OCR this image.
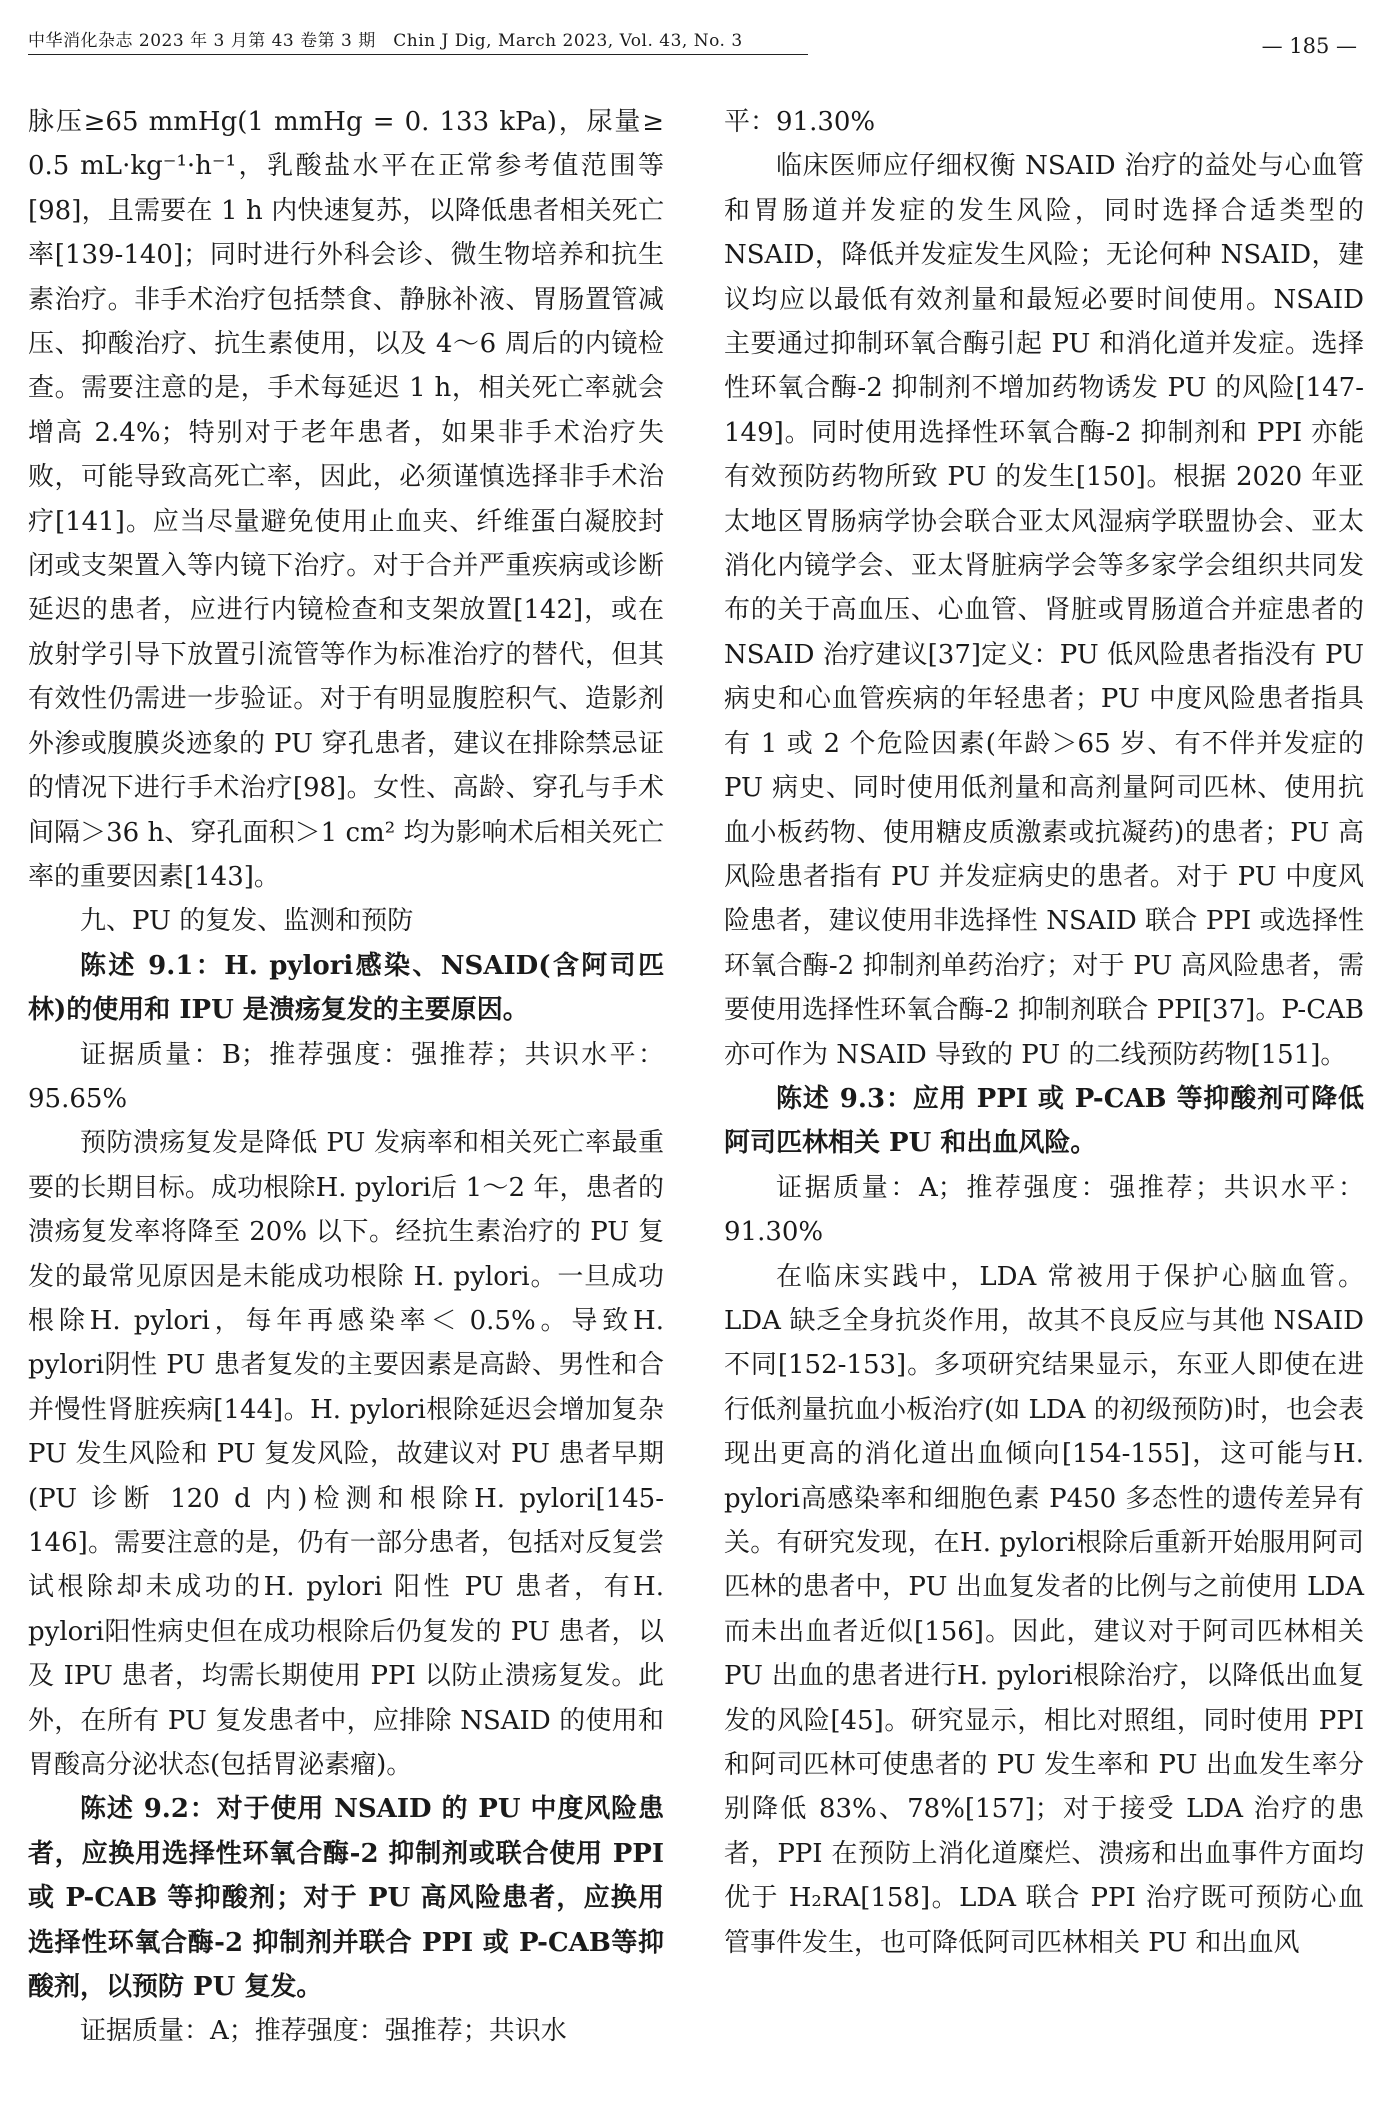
中华消化杂志 2023 年 3 月第 43 卷第 3 期　Chin J Dig, March 2023, Vol. 43, No. 3	— 185 —

脉压≥65 mmHg(1 mmHg = 0. 133 kPa)，尿量≥ 0.5 mL·kg⁻¹·h⁻¹，乳酸盐水平在正常参考值范围等[98]，且需要在 1 h 内快速复苏，以降低患者相关死亡率[139-140]；同时进行外科会诊、微生物培养和抗生素治疗。非手术治疗包括禁食、静脉补液、胃肠置管减压、抑酸治疗、抗生素使用，以及 4～6 周后的内镜检查。需要注意的是，手术每延迟 1 h，相关死亡率就会增高 2.4%；特别对于老年患者，如果非手术治疗失败，可能导致高死亡率，因此，必须谨慎选择非手术治疗[141]。应当尽量避免使用止血夹、纤维蛋白凝胶封闭或支架置入等内镜下治疗。对于合并严重疾病或诊断延迟的患者，应进行内镜检查和支架放置[142]，或在放射学引导下放置引流管等作为标准治疗的替代，但其有效性仍需进一步验证。对于有明显腹腔积气、造影剂外渗或腹膜炎迹象的 PU 穿孔患者，建议在排除禁忌证的情况下进行手术治疗[98]。女性、高龄、穿孔与手术间隔＞36 h、穿孔面积＞1 cm² 均为影响术后相关死亡率的重要因素[143]。

九、PU 的复发、监测和预防

陈述 9.1：H. pylori感染、NSAID(含阿司匹林)的使用和 IPU 是溃疡复发的主要原因。

证据质量：B；推荐强度：强推荐；共识水平：95.65%

预防溃疡复发是降低 PU 发病率和相关死亡率最重要的长期目标。成功根除H. pylori后 1～2 年，患者的溃疡复发率将降至 20% 以下。经抗生素治疗的 PU 复发的最常见原因是未能成功根除 H. pylori。一旦成功根除H. pylori，每年再感染率＜ 0.5%。导致H. pylori阴性 PU 患者复发的主要因素是高龄、男性和合并慢性肾脏疾病[144]。H. pylori根除延迟会增加复杂 PU 发生风险和 PU 复发风险，故建议对 PU 患者早期(PU 诊断 120 d 内)检测和根除H. pylori[145-146]。需要注意的是，仍有一部分患者，包括对反复尝试根除却未成功的H. pylori 阳性 PU 患者，有H. pylori阳性病史但在成功根除后仍复发的 PU 患者，以及 IPU 患者，均需长期使用 PPI 以防止溃疡复发。此外，在所有 PU 复发患者中，应排除 NSAID 的使用和胃酸高分泌状态(包括胃泌素瘤)。

陈述 9.2：对于使用 NSAID 的 PU 中度风险患者，应换用选择性环氧合酶-2 抑制剂或联合使用 PPI 或 P-CAB 等抑酸剂；对于 PU 高风险患者，应换用选择性环氧合酶-2 抑制剂并联合 PPI 或 P-CAB等抑酸剂，以预防 PU 复发。

证据质量：A；推荐强度：强推荐；共识水

平：91.30%

临床医师应仔细权衡 NSAID 治疗的益处与心血管和胃肠道并发症的发生风险，同时选择合适类型的 NSAID，降低并发症发生风险；无论何种 NSAID，建议均应以最低有效剂量和最短必要时间使用。NSAID 主要通过抑制环氧合酶引起 PU 和消化道并发症。选择性环氧合酶-2 抑制剂不增加药物诱发 PU 的风险[147-149]。同时使用选择性环氧合酶-2 抑制剂和 PPI 亦能有效预防药物所致 PU 的发生[150]。根据 2020 年亚太地区胃肠病学协会联合亚太风湿病学联盟协会、亚太消化内镜学会、亚太肾脏病学会等多家学会组织共同发布的关于高血压、心血管、肾脏或胃肠道合并症患者的 NSAID 治疗建议[37]定义：PU 低风险患者指没有 PU 病史和心血管疾病的年轻患者；PU 中度风险患者指具有 1 或 2 个危险因素(年龄＞65 岁、有不伴并发症的 PU 病史、同时使用低剂量和高剂量阿司匹林、使用抗血小板药物、使用糖皮质激素或抗凝药)的患者；PU 高风险患者指有 PU 并发症病史的患者。对于 PU 中度风险患者，建议使用非选择性 NSAID 联合 PPI 或选择性环氧合酶-2 抑制剂单药治疗；对于 PU 高风险患者，需要使用选择性环氧合酶-2 抑制剂联合 PPI[37]。P-CAB 亦可作为 NSAID 导致的 PU 的二线预防药物[151]。

陈述 9.3：应用 PPI 或 P-CAB 等抑酸剂可降低阿司匹林相关 PU 和出血风险。

证据质量：A；推荐强度：强推荐；共识水平：91.30%

在临床实践中，LDA 常被用于保护心脑血管。LDA 缺乏全身抗炎作用，故其不良反应与其他 NSAID 不同[152-153]。多项研究结果显示，东亚人即使在进行低剂量抗血小板治疗(如 LDA 的初级预防)时，也会表现出更高的消化道出血倾向[154-155]，这可能与H. pylori高感染率和细胞色素 P450 多态性的遗传差异有关。有研究发现，在H. pylori根除后重新开始服用阿司匹林的患者中，PU 出血复发者的比例与之前使用 LDA 而未出血者近似[156]。因此，建议对于阿司匹林相关 PU 出血的患者进行H. pylori根除治疗，以降低出血复发的风险[45]。研究显示，相比对照组，同时使用 PPI 和阿司匹林可使患者的 PU 发生率和 PU 出血发生率分别降低 83%、78%[157]；对于接受 LDA 治疗的患者，PPI 在预防上消化道糜烂、溃疡和出血事件方面均优于 H₂RA[158]。LDA 联合 PPI 治疗既可预防心血管事件发生，也可降低阿司匹林相关 PU 和出血风
